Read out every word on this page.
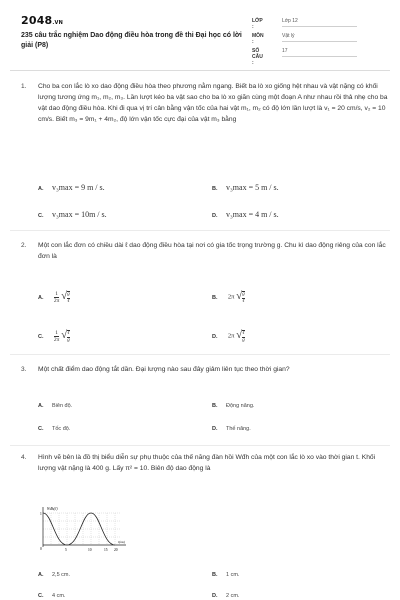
2048.VN
235 câu trắc nghiệm Dao động điều hòa trong đề thi Đại học có lời giải (P8)
LỚP :
Lớp 12
MÔN :
Vật lý
SỐ CÂU :
17
1. Cho ba con lắc lò xo dao động điều hòa theo phương nằm ngang. Biết ba lò xo giống hệt nhau và vật nặng có khối lượng tương ứng m₁, m₂, m₃. Lần lượt kéo ba vật sao cho ba lò xo giãn cùng một đoạn A như nhau rồi thả nhẹ cho ba vật dao động điều hòa. Khi đi qua vị trí cân bằng vận tốc của hai vật m₁, m₂ có độ lớn lần lượt là v₁ = 20 cm/s, v₂ = 10 cm/s. Biết m₃ = 9m₁ + 4m₂, độ lớn vận tốc cực đại của vật m₃ bằng
A. v₃max = 9 m / s.	B. v₃max = 5 m / s.
C. v₃max = 10m / s.	D. v₃max = 4 m / s.
2. Một con lắc đơn có chiều dài ℓ dao động điều hòa tại nơi có gia tốc trọng trường g. Chu kì dao động riêng của con lắc đơn là
A. $\frac{1}{2\pi}$ √ g
ℓ
B. 2π √ g
ℓ
C. $\frac{1}{2\pi}$ √ ℓ
g
D. 2π √ ℓ
g
3. Một chất điểm dao động tắt dần. Đại lượng nào sau đây giảm liên tục theo thời gian?
A. Biên độ.	B. Động năng.
C. Tốc độ.	D. Thế năng.
4. Hình vẽ bên là đồ thị biểu diễn sự phụ thuộc của thế năng đàn hồi Wđh của một con lắc lò xo vào thời gian t. Khối lượng vật nặng là 400 g. Lấy π² = 10. Biên độ dao động là
Wđh(J)
t(ms)
1
0	5	10	15 20
A. 2,5 cm.	B. 1 cm.
C. 4 cm.	D. 2 cm.
